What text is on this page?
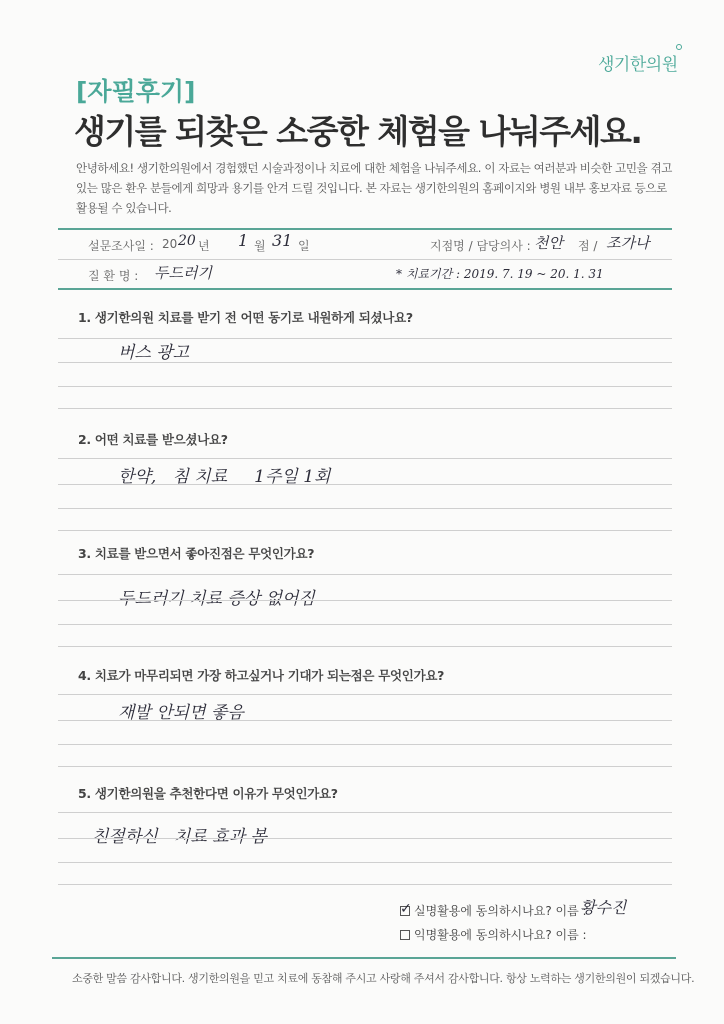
생기한의원
[자필후기]
생기를 되찾은 소중한 체험을 나눠주세요.
안녕하세요! 생기한의원에서 경험했던 시술과정이나 치료에 대한 체험을 나눠주세요. 이 자료는 여러분과 비슷한 고민을 겪고 있는 많은 환우 분들에게 희망과 용기를 안겨 드릴 것입니다. 본 자료는 생기한의원의 홈페이지와 병원 내부 홍보자료 등으로 활용될 수 있습니다.
설문조사일 : 20 20 년 1 월 31 일	지점명 / 담당의사 : 천안 점 / 조가나
질 환 명 : 두드러기	* 치료기간 : 2019. 7. 19 ~ 20. 1. 31
1. 생기한의원 치료를 받기 전 어떤 동기로 내원하게 되셨나요?
버스 광고
2. 어떤 치료를 받으셨나요?
한약,   침 치료     1주일 1회
3. 치료를 받으면서 좋아진점은 무엇인가요?
두드러기 치료 증상 없어짐
4. 치료가 마무리되면 가장 하고싶거나 기대가 되는점은 무엇인가요?
재발 안되면 좋음
5. 생기한의원을 추천한다면 이유가 무엇인가요?
친절하신   치료 효과 봄
✓ 실명활용에 동의하시나요? 이름 :
황수진
익명활용에 동의하시나요? 이름 :
소중한 말씀 감사합니다. 생기한의원을 믿고 치료에 동참해 주시고 사랑해 주셔서 감사합니다. 항상 노력하는 생기한의원이 되겠습니다.
